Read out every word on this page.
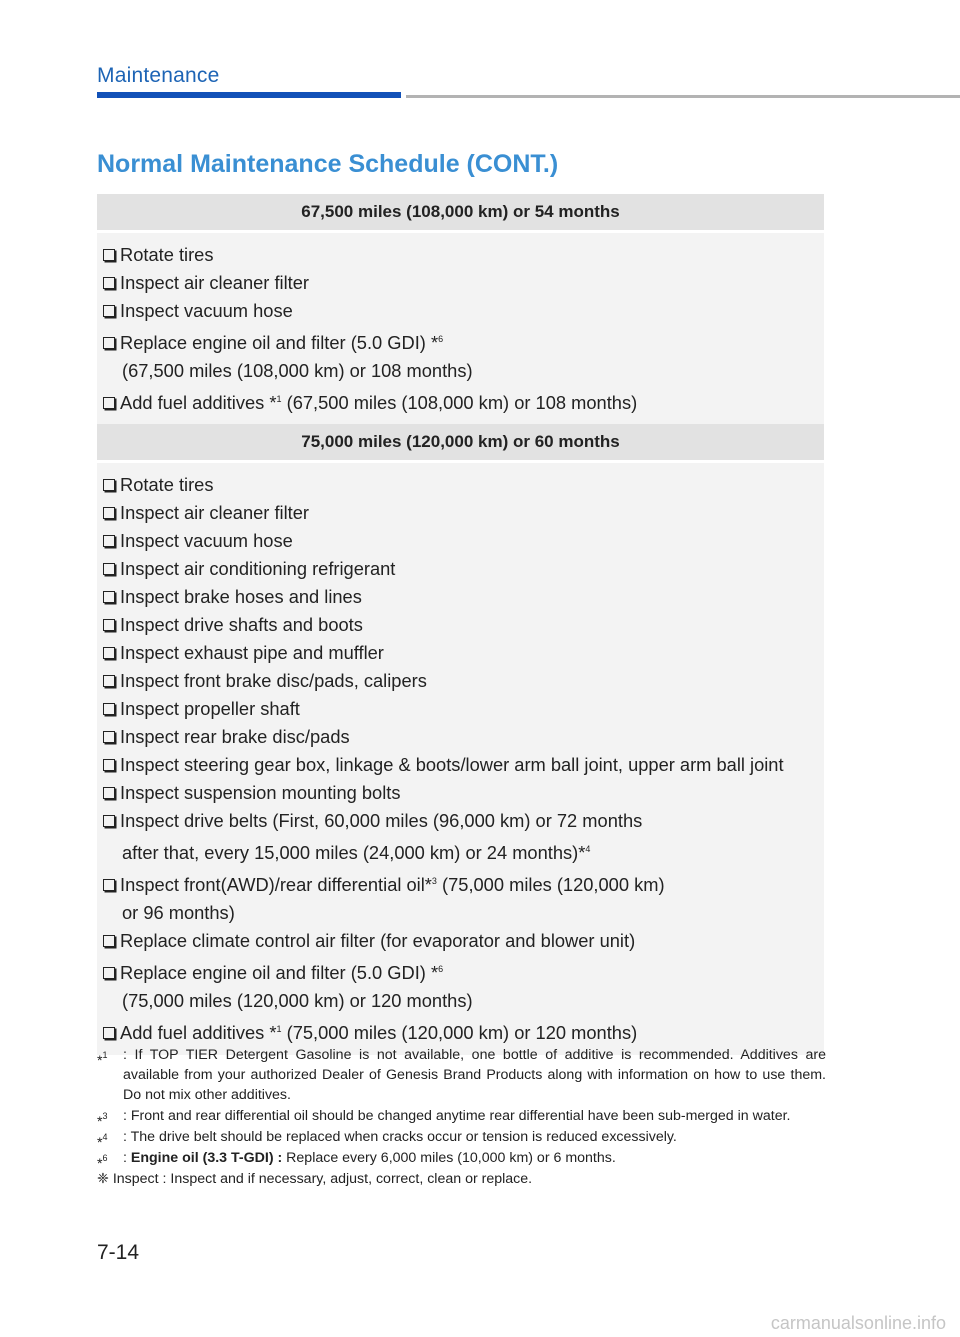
Maintenance
Normal Maintenance Schedule (CONT.)
67,500 miles (108,000 km) or 54 months
Rotate tires
Inspect air cleaner filter
Inspect vacuum hose
Replace engine oil and filter (5.0 GDI) *$^6$
(67,500 miles (108,000 km) or 108 months)
Add fuel additives *$^1$ (67,500 miles (108,000 km) or 108 months)
75,000 miles (120,000 km) or 60 months
Rotate tires
Inspect air cleaner filter
Inspect vacuum hose
Inspect air conditioning refrigerant
Inspect brake hoses and lines
Inspect drive shafts and boots
Inspect exhaust pipe and muffler
Inspect front brake disc/pads, calipers
Inspect propeller shaft
Inspect rear brake disc/pads
Inspect steering gear box, linkage & boots/lower arm ball joint, upper arm ball joint
Inspect suspension mounting bolts
Inspect drive belts (First, 60,000 miles (96,000 km) or 72 months
after that, every 15,000 miles (24,000 km) or 24 months)*$^4$
Inspect front(AWD)/rear differential oil*$^3$ (75,000 miles (120,000 km)
or 96 months)
Replace climate control air filter (for evaporator and blower unit)
Replace engine oil and filter (5.0 GDI) *$^6$
(75,000 miles (120,000 km) or 120 months)
Add fuel additives *$^1$ (75,000 miles (120,000 km) or 120 months)
*$^1$ : If TOP TIER Detergent Gasoline is not available, one bottle of additive is recommended. Additives are available from your authorized Dealer of Genesis Brand Products along with information on how to use them. Do not mix other additives.
*$^3$ : Front and rear differential oil should be changed anytime rear differential have been sub-merged in water.
*$^4$ : The drive belt should be replaced when cracks occur or tension is reduced excessively.
*$^6$ : Engine oil (3.3 T-GDI) : Replace every 6,000 miles (10,000 km) or 6 months.
❈ Inspect : Inspect and if necessary, adjust, correct, clean or replace.
7-14
carmanualsonline.info
